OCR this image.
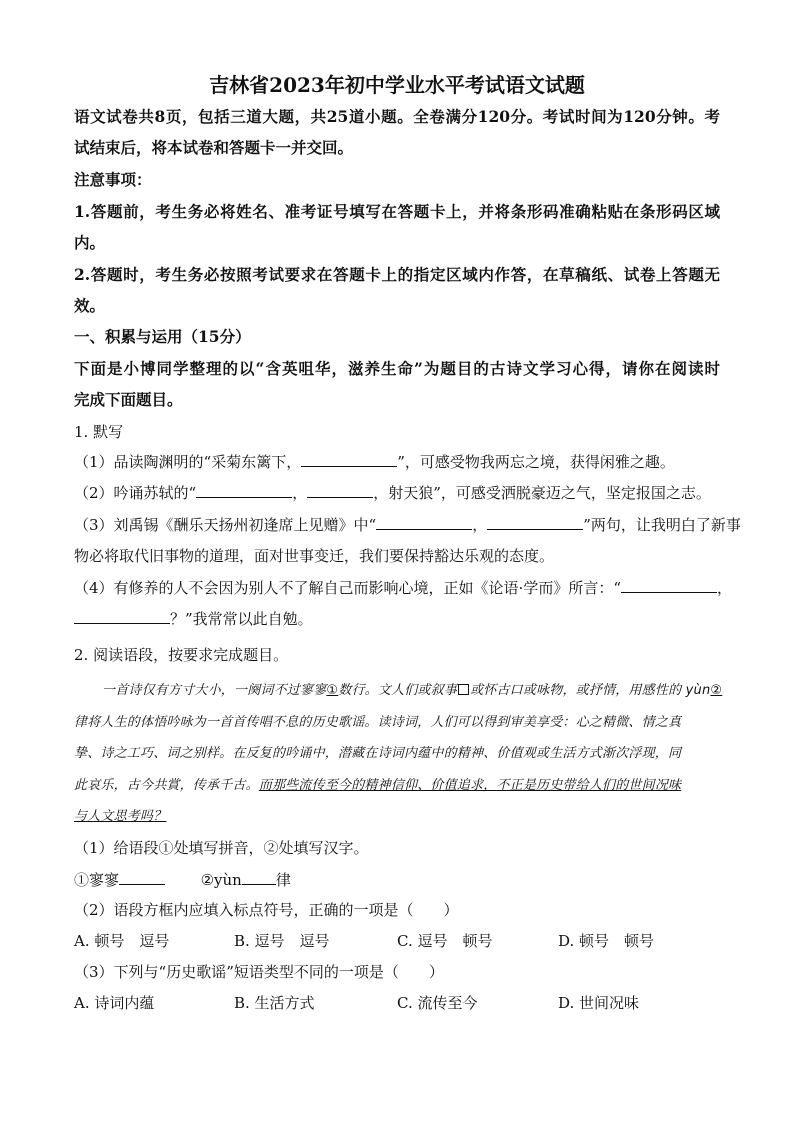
吉林省2023年初中学业水平考试语文试题
语文试卷共8页，包括三道大题，共25道小题。全卷满分120分。考试时间为120分钟。考
试结束后，将本试卷和答题卡一并交回。
注意事项：
1.答题前，考生务必将姓名、准考证号填写在答题卡上，并将条形码准确粘贴在条形码区域
内。
2.答题时，考生务必按照考试要求在答题卡上的指定区域内作答，在草稿纸、试卷上答题无
效。
一、积累与运用（15分）
下面是小博同学整理的以“含英咀华，滋养生命”为题目的古诗文学习心得，请你在阅读时
完成下面题目。
1. 默写
（1）品读陶渊明的“采菊东篱下，	”，可感受物我两忘之境，获得闲雅之趣。
（2）吟诵苏轼的“	，	，射天狼”，可感受洒脱豪迈之气，坚定报国之志。
（3）刘禹锡《酬乐天扬州初逢席上见赠》中“	，	”两句，让我明白了新事
物必将取代旧事物的道理，面对世事变迁，我们要保持豁达乐观的态度。
（4）有修养的人不会因为别人不了解自己而影响心境，正如《论语·学而》所言：“	，
？”我常常以此自勉。
2. 阅读语段，按要求完成题目。
一首诗仅有方寸大小，一阕词不过寥寥①数行。文人们或叙事 或怀古口或咏物，或抒情，用感性的 yùn②
律将人生的体悟吟咏为一首首传唱不息的历史歌谣。读诗词，人们可以得到审美享受：心之精微、情之真
挚、诗之工巧、词之别样。在反复的吟诵中，潜藏在诗词内蕴中的精神、价值观或生活方式渐次浮现，同
此哀乐，古今共賞，传承千古。而那些流传至今的精神信仰、价值追求，不正是历史带给人们的世间况味
与人文思考吗？
（1）给语段①处填写拼音，②处填写汉字。
①寥寥	②yùn 律
（2）语段方框内应填入标点符号，正确的一项是（　　）
A. 顿号　逗号	B. 逗号　逗号	C. 逗号　顿号	D. 顿号　顿号
（3）下列与“历史歌谣”短语类型不同的一项是（　　）
A. 诗词内蕴	B. 生活方式	C. 流传至今	D. 世间况味
